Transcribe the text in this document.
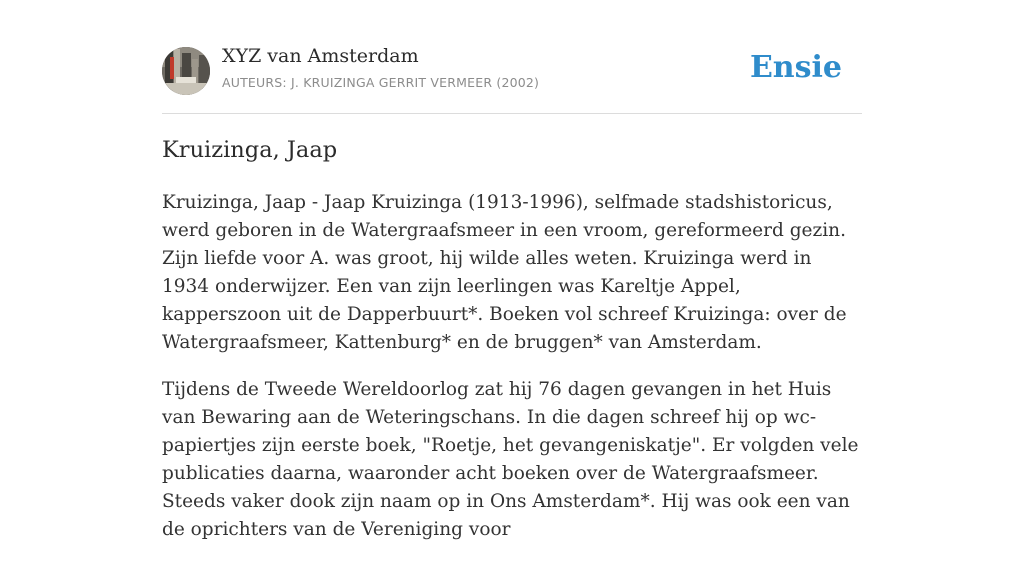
XYZ van Amsterdam
AUTEURS: J. KRUIZINGA GERRIT VERMEER (2002)	Ensie
Kruizinga, Jaap

Kruizinga, Jaap - Jaap Kruizinga (1913-1996), selfmade stadshistoricus, werd geboren in de Watergraafsmeer in een vroom, gereformeerd gezin. Zijn liefde voor A. was groot, hij wilde alles weten. Kruizinga werd in 1934 onderwijzer. Een van zijn leerlingen was Kareltje Appel, kapperszoon uit de Dapperbuurt*. Boeken vol schreef Kruizinga: over de Watergraafsmeer, Kattenburg* en de bruggen* van Amsterdam.

Tijdens de Tweede Wereldoorlog zat hij 76 dagen gevangen in het Huis van Bewaring aan de Weteringschans. In die dagen schreef hij op wc-papiertjes zijn eerste boek, "Roetje, het gevangeniskatje". Er volgden vele publicaties daarna, waaronder acht boeken over de Watergraafsmeer. Steeds vaker dook zijn naam op in Ons Amsterdam*. Hij was ook een van de oprichters van de Vereniging voor
